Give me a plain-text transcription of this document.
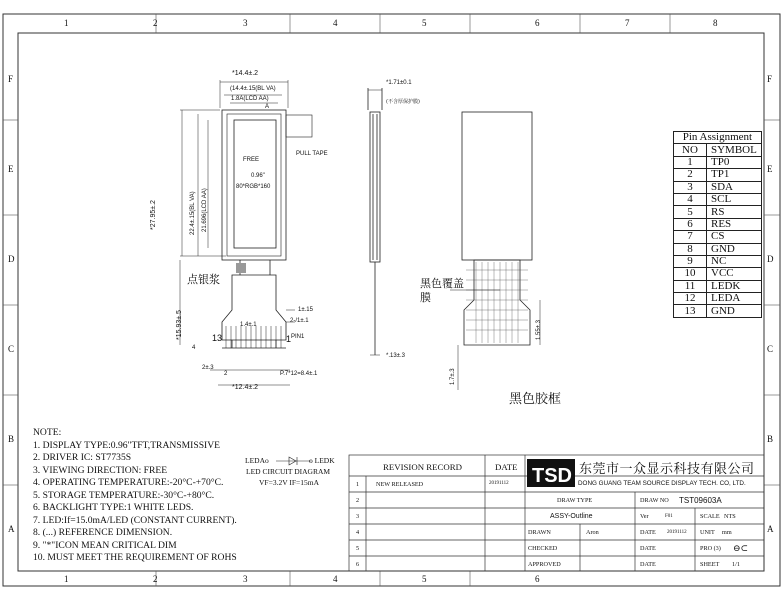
TSD
1	2	3	4	5	6	7	8
1	2	3	4	5	6
F
E
D
C
B
A
F
E
D
C
B
A
*14.4±.2
(14.4±.15(BL VA)
1.8A(LCD AA)
A
FREE
0.96"
80*RGB*160
PULL TAPE
*27.95±.2	22.4±.15(BL VA) 21.696(LCD AA)
点银浆
*15.93±.5
1±.15
2-/1±.1
1.4±.1
13	PIN1
1
4
2±.3
2	P.7*12=8.4±.1
*12.4±.2
*1.71±0.1
(不含厚保护膜)
*.13±.3
黑色覆盖膜
1.55±.3
1.7±.3
黑色胶框
Pin Assignment	
NO	SYMBOL
1	TP0
2	TP1
3	SDA
4	SCL
5	RS
6	RES
7	CS
8	GND
9	NC
10	VCC
11	LEDK
12	LEDA
13	GND
NOTE:
1. DISPLAY TYPE:0.96"TFT,TRANSMISSIVE
2. DRIVER IC: ST7735S
3. VIEWING DIRECTION: FREE
4. OPERATING TEMPERATURE:-20°C-+70°C.
5. STORAGE TEMPERATURE:-30°C-+80°C.
6. BACKLIGHT TYPE:1 WHITE LEDS.
7. LED:If=15.0mA/LED (CONSTANT CURRENT).
8. (...) REFERENCE DIMENSION.
9. "*"ICON MEAN CRITICAL DIM
10. MUST MEET THE REQUIREMENT OF ROHS
LEDAo	o LEDK
LED CIRCUIT DIAGRAM
VF=3.2V IF=15mA
REVISION RECORD	DATE
1	NEW RELEASED	20191112
2
3
4
5
6
东莞市一众显示科技有限公司
DONG GUANG TEAM SOURCE DISPLAY TECH. CO, LTD.
DRAW TYPE
ASSY-Outline
DRAW NO TST09603A
Ver	F01	SCALE NTS
DRAWN	Aron	DATE 20191112 UNIT mm
CHECKED	DATE	PRO (3) ⊖⊂
APPROVED	DATE	SHEET 1/1
